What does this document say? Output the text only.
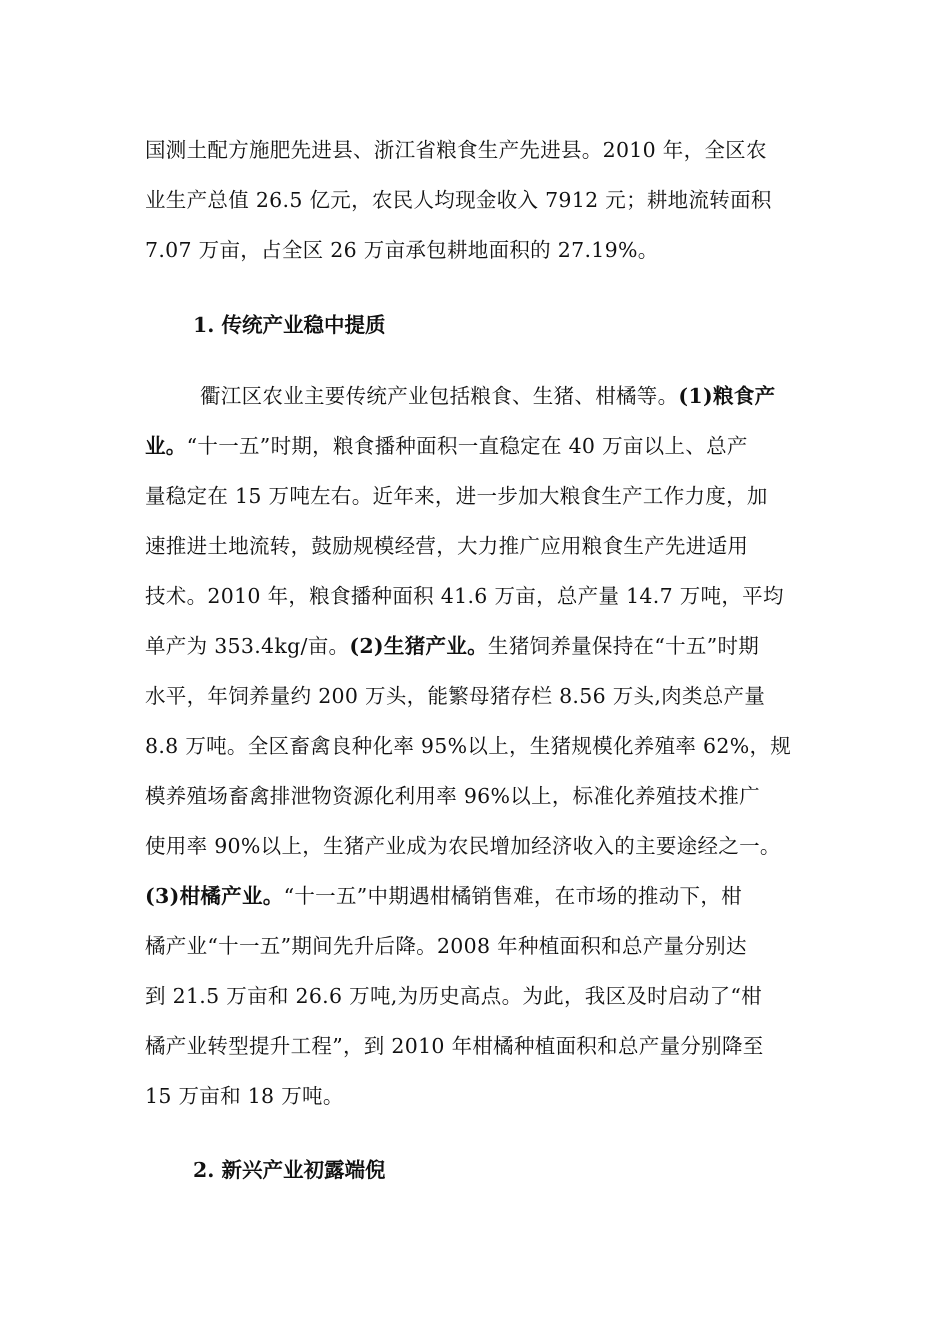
国测土配方施肥先进县、浙江省粮食生产先进县。2010 年，全区农
业生产总值 26.5 亿元，农民人均现金收入 7912 元；耕地流转面积
7.07 万亩，占全区 26 万亩承包耕地面积的 27.19%。
1. 传统产业稳中提质
衢江区农业主要传统产业包括粮食、生猪、柑橘等。(1)粮食产
业。“十一五”时期，粮食播种面积一直稳定在 40 万亩以上、总产
量稳定在 15 万吨左右。近年来，进一步加大粮食生产工作力度，加
速推进土地流转，鼓励规模经营，大力推广应用粮食生产先进适用
技术。2010 年，粮食播种面积 41.6 万亩，总产量 14.7 万吨，平均
单产为 353.4kg/亩。(2)生猪产业。生猪饲养量保持在“十五”时期
水平，年饲养量约 200 万头，能繁母猪存栏 8.56 万头,肉类总产量
8.8 万吨。全区畜禽良种化率 95%以上，生猪规模化养殖率 62%，规
模养殖场畜禽排泄物资源化利用率 96%以上，标准化养殖技术推广
使用率 90%以上，生猪产业成为农民增加经济收入的主要途经之一。
(3)柑橘产业。“十一五”中期遇柑橘销售难，在市场的推动下，柑
橘产业“十一五”期间先升后降。2008 年种植面积和总产量分别达
到 21.5 万亩和 26.6 万吨,为历史高点。为此，我区及时启动了“柑
橘产业转型提升工程”，到 2010 年柑橘种植面积和总产量分别降至
15 万亩和 18 万吨。
2. 新兴产业初露端倪
